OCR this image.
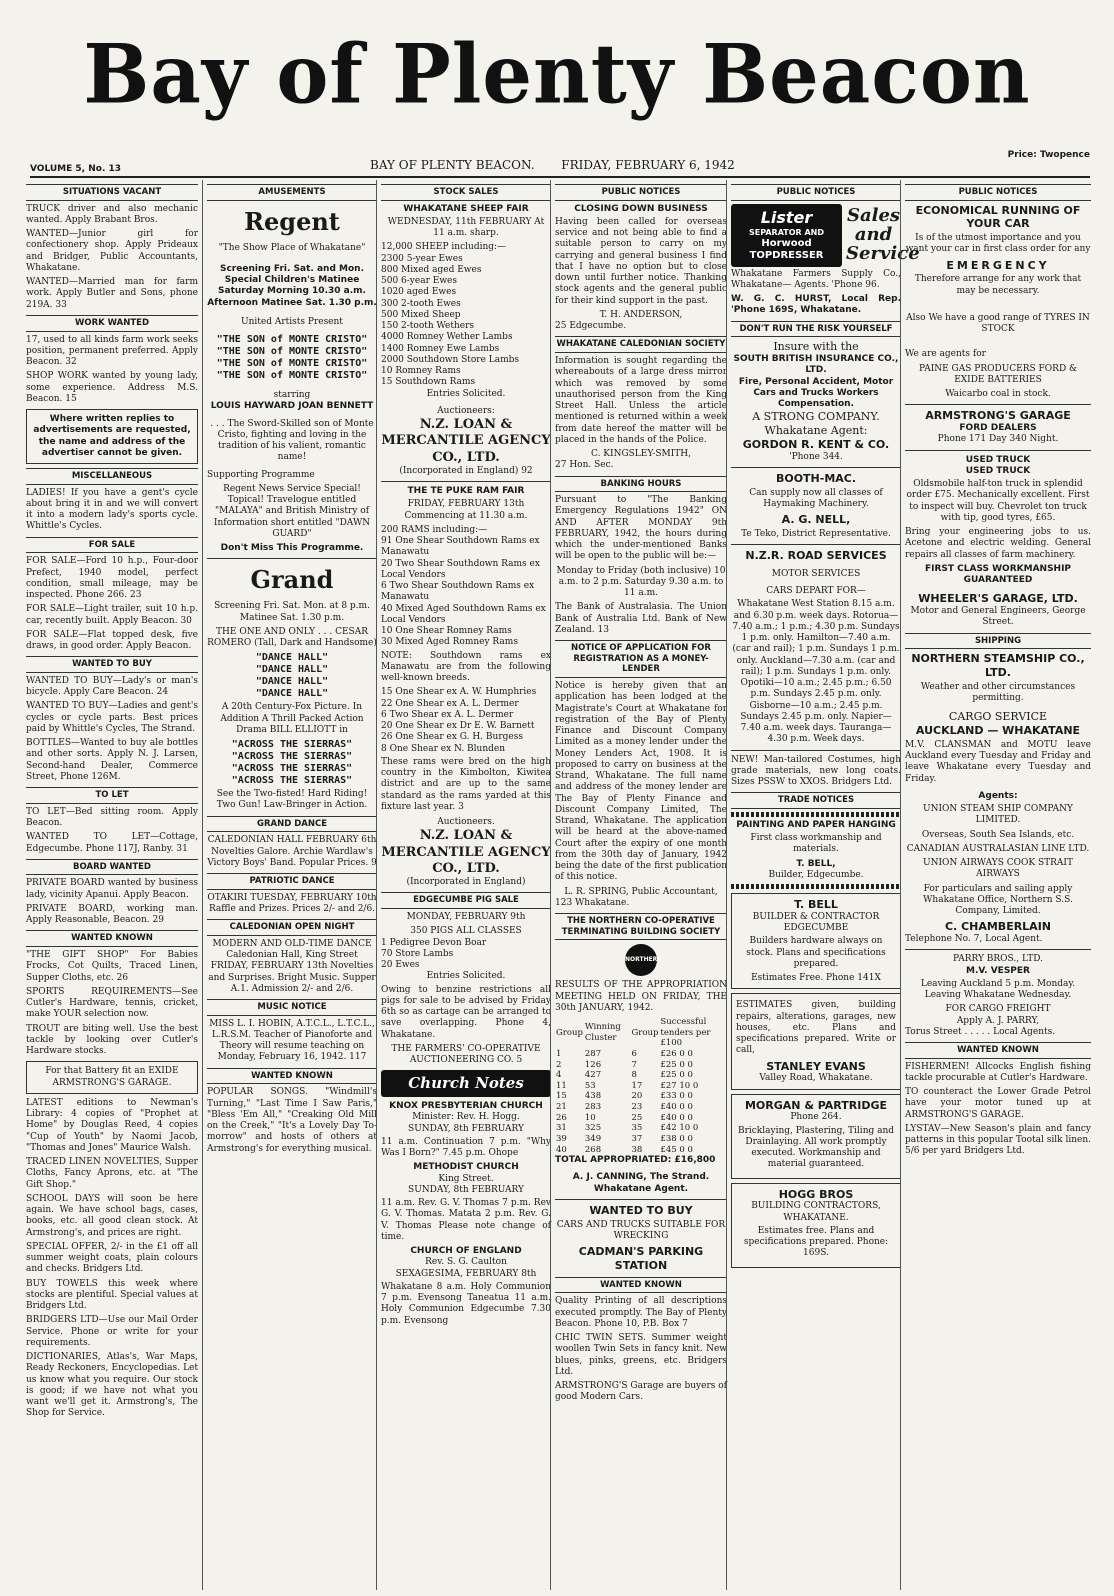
Bay of Plenty Beacon
VOLUME 5, No. 13	BAY OF PLENTY BEACON. FRIDAY, FEBRUARY 6, 1942
Price: Twopence
SITUATIONS VACANT
TRUCK driver and also mechanic wanted. Apply Brabant Bros.
WANTED—Junior girl for confectionery shop. Apply Prideaux and Bridger, Public Accountants, Whakatane.
WANTED—Married man for farm work. Apply Butler and Sons, phone 219A. 33
WORK WANTED
17, used to all kinds farm work seeks position, permanent preferred. Apply Beacon. 32
SHOP WORK wanted by young lady, some experience. Address M.S. Beacon. 15
Where written replies to advertisements are requested, the name and address of the advertiser cannot be given.
MISCELLANEOUS
LADIES! If you have a gent's cycle about bring it in and we will convert it into a modern lady's sports cycle. Whittle's Cycles.
FOR SALE
FOR SALE—Ford 10 h.p., Four-door Prefect, 1940 model, perfect condition, small mileage, may be inspected. Phone 266. 23
FOR SALE—Light trailer, suit 10 h.p. car, recently built. Apply Beacon. 30
FOR SALE—Flat topped desk, five draws, in good order. Apply Beacon.
WANTED TO BUY
WANTED TO BUY—Lady's or man's bicycle. Apply Care Beacon. 24
WANTED TO BUY—Ladies and gent's cycles or cycle parts. Best prices paid by Whittle's Cycles, The Strand.
BOTTLES—Wanted to buy ale bottles and other sorts. Apply N. J. Larsen, Second-hand Dealer, Commerce Street, Phone 126M.
TO LET
TO LET—Bed sitting room. Apply Beacon.
WANTED TO LET—Cottage, Edgecumbe. Phone 117J, Ranby. 31
BOARD WANTED
PRIVATE BOARD wanted by business lady, vicinity Apanui. Apply Beacon.
PRIVATE BOARD, working man. Apply Reasonable, Beacon. 29
WANTED KNOWN
"THE GIFT SHOP" For Babies Frocks, Cot Quilts, Traced Linen, Supper Cloths, etc. 26
SPORTS REQUIREMENTS—See Cutler's Hardware, tennis, cricket, make YOUR selection now.
TROUT are biting well. Use the best tackle by looking over Cutler's Hardware stocks.
For that Battery fit an EXIDE ARMSTRONG'S GARAGE.
LATEST editions to Newman's Library: 4 copies of "Prophet at Home" by Douglas Reed, 4 copies "Cup of Youth" by Naomi Jacob, "Thomas and Jones" Maurice Walsh.
TRACED LINEN NOVELTIES, Supper Cloths, Fancy Aprons, etc. at "The Gift Shop."
SCHOOL DAYS will soon be here again. We have school bags, cases, books, etc. all good clean stock. At Armstrong's, and prices are right.
SPECIAL OFFER, 2/- in the £1 off all summer weight coats, plain colours and checks. Bridgers Ltd.
BUY TOWELS this week where stocks are plentiful. Special values at Bridgers Ltd.
BRIDGERS LTD—Use our Mail Order Service. Phone or write for your requirements.
DICTIONARIES, Atlas's, War Maps, Ready Reckoners, Encyclopedias. Let us know what you require. Our stock is good; if we have not what you want we'll get it. Armstrong's, The Shop for Service.
AMUSEMENTS
Regent
"The Show Place of Whakatane"
Screening Fri. Sat. and Mon. Special Children's Matinee Saturday Morning 10.30 a.m. Afternoon Matinee Sat. 1.30 p.m.
United Artists Present
"THE SON of MONTE CRISTO"
"THE SON of MONTE CRISTO"
"THE SON of MONTE CRISTO"
"THE SON of MONTE CRISTO"
starring
LOUIS HAYWARD JOAN BENNETT
. . . The Sword-Skilled son of Monte Cristo, fighting and loving in the tradition of his valient, romantic name!
Supporting Programme
Regent News Service Special! Topical! Travelogue entitled "MALAYA" and British Ministry of Information short entitled "DAWN GUARD"
Don't Miss This Programme.
Grand
Screening Fri. Sat. Mon. at 8 p.m. Matinee Sat. 1.30 p.m.
THE ONE AND ONLY . . . CESAR ROMERO (Tall, Dark and Handsome)
"DANCE HALL"
"DANCE HALL"
"DANCE HALL"
"DANCE HALL"
A 20th Century-Fox Picture. In Addition A Thrill Packed Action Drama BILL ELLIOTT in
"ACROSS THE SIERRAS"
"ACROSS THE SIERRAS"
"ACROSS THE SIERRAS"
"ACROSS THE SIERRAS"
See the Two-fisted! Hard Riding! Two Gun! Law-Bringer in Action.
GRAND DANCE
CALEDONIAN HALL FEBRUARY 6th Novelties Galore. Archie Wardlaw's Victory Boys' Band. Popular Prices. 9
PATRIOTIC DANCE
OTAKIRI TUESDAY, FEBRUARY 10th Raffle and Prizes. Prices 2/- and 2/6.
CALEDONIAN OPEN NIGHT
MODERN AND OLD-TIME DANCE Caledonian Hall, King Street FRIDAY, FEBRUARY 13th Novelties and Surprises. Bright Music. Supper A.1. Admission 2/- and 2/6.
MUSIC NOTICE
MISS L. I. HOBIN, A.T.C.L., L.T.C.L., L.R.S.M. Teacher of Pianoforte and Theory will resume teaching on Monday, February 16, 1942. 117
WANTED KNOWN
POPULAR SONGS. "Windmill's Turning," "Last Time I Saw Paris," "Bless 'Em All," "Creaking Old Mill on the Creek," "It's a Lovely Day To-morrow" and hosts of others at Armstrong's for everything musical.
STOCK SALES
WHAKATANE SHEEP FAIR
WEDNESDAY, 11th FEBRUARY At 11 a.m. sharp.
12,000 SHEEP including:—
2300 5-year Ewes
800 Mixed aged Ewes
500 6-year Ewes
1020 aged Ewes
300 2-tooth Ewes
500 Mixed Sheep
150 2-tooth Wethers
4000 Romney Wether Lambs
1400 Romney Ewe Lambs
2000 Southdown Store Lambs
10 Romney Rams
15 Southdown Rams
Entries Solicited.
Auctioneers:
N.Z. LOAN & MERCANTILE AGENCY CO., LTD.
(Incorporated in England) 92
THE TE PUKE RAM FAIR
FRIDAY, FEBRUARY 13th Commencing at 11.30 a.m.
200 RAMS including:—
91 One Shear Southdown Rams ex Manawatu
20 Two Shear Southdown Rams ex Local Vendors
6 Two Shear Southdown Rams ex Manawatu
40 Mixed Aged Southdown Rams ex Local Vendors
10 One Shear Romney Rams
30 Mixed Aged Romney Rams
NOTE: Southdown rams ex Manawatu are from the following well-known breeds.
15 One Shear ex A. W. Humphries
22 One Shear ex A. L. Dermer
6 Two Shear ex A. L. Dermer
20 One Shear ex Dr E. W. Barnett
26 One Shear ex G. H. Burgess
8 One Shear ex N. Blunden
These rams were bred on the high country in the Kimbolton, Kiwitea district and are up to the same standard as the rams yarded at this fixture last year. 3
Auctioneers.
N.Z. LOAN & MERCANTILE AGENCY CO., LTD.
(Incorporated in England)
EDGECUMBE PIG SALE
MONDAY, FEBRUARY 9th
350 PIGS ALL CLASSES
1 Pedigree Devon Boar
70 Store Lambs
20 Ewes
Entries Solicited.
Owing to benzine restrictions all pigs for sale to be advised by Friday 6th so as cartage can be arranged to save overlapping. Phone 4, Whakatane.
THE FARMERS' CO-OPERATIVE AUCTIONEERING CO. 5
Church Notes
KNOX PRESBYTERIAN CHURCH
Minister: Rev. H. Hogg.
SUNDAY, 8th FEBRUARY
11 a.m. Continuation 7 p.m. "Why Was I Born?" 7.45 p.m. Ohope
METHODIST CHURCH
King Street.
SUNDAY, 8th FEBRUARY
11 a.m. Rev. G. V. Thomas 7 p.m. Rev G. V. Thomas. Matata 2 p.m. Rev. G. V. Thomas Please note change of time.
CHURCH OF ENGLAND
Rev. S. G. Caulton
SEXAGESIMA, FEBRUARY 8th
Whakatane 8 a.m. Holy Communion 7 p.m. Evensong Taneatua 11 a.m. Holy Communion Edgecumbe 7.30 p.m. Evensong
PUBLIC NOTICES
CLOSING DOWN BUSINESS
Having been called for overseas service and not being able to find a suitable person to carry on my carrying and general business I find that I have no option but to close down until further notice. Thanking stock agents and the general public for their kind support in the past.
T. H. ANDERSON,
25 Edgecumbe.
WHAKATANE CALEDONIAN SOCIETY
Information is sought regarding the whereabouts of a large dress mirror which was removed by some unauthorised person from the King Street Hall. Unless the article mentioned is returned within a week from date hereof the matter will be placed in the hands of the Police.
C. KINGSLEY-SMITH,
27 Hon. Sec.
BANKING HOURS
Pursuant to "The Banking Emergency Regulations 1942" ON AND AFTER MONDAY 9th FEBRUARY, 1942, the hours during which the under-mentioned Banks will be open to the public will be:—
Monday to Friday (both inclusive) 10 a.m. to 2 p.m. Saturday 9.30 a.m. to 11 a.m.
The Bank of Australasia. The Union Bank of Australia Ltd. Bank of New Zealand. 13
NOTICE OF APPLICATION FOR REGISTRATION AS A MONEY-LENDER
Notice is hereby given that an application has been lodged at the Magistrate's Court at Whakatane for registration of the Bay of Plenty Finance and Discount Company Limited as a money lender under the Money Lenders Act, 1908. It is proposed to carry on business at the Strand, Whakatane. The full name and address of the money lender are The Bay of Plenty Finance and Discount Company Limited, The Strand, Whakatane. The application will be heard at the above-named Court after the expiry of one month from the 30th day of January, 1942 being the date of the first publication of this notice.
L. R. SPRING, Public Accountant,
123 Whakatane.
THE NORTHERN CO-OPERATIVE TERMINATING BUILDING SOCIETY
NORTHERN
RESULTS OF THE APPROPRIATION MEETING HELD ON FRIDAY, THE 30th JANUARY, 1942.
Group	Winning Cluster	Group	Successful tenders per £100
1	287	6	£26 0 0
2	126	7	£25 0 0
4	427	8	£25 0 0
11	53	17	£27 10 0
15	438	20	£33 0 0
21	283	23	£40 0 0
26	10	25	£40 0 0
31	325	35	£42 10 0
39	349	37	£38 0 0
40	268	38	£45 0 0
TOTAL APPROPRIATED: £16,800
A. J. CANNING, The Strand. Whakatane Agent.
WANTED TO BUY
CARS AND TRUCKS SUITABLE FOR WRECKING
CADMAN'S PARKING STATION
WANTED KNOWN
Quality Printing of all descriptions executed promptly. The Bay of Plenty Beacon. Phone 10, P.B. Box 7
CHIC TWIN SETS. Summer weight woollen Twin Sets in fancy knit. New blues, pinks, greens, etc. Bridgers Ltd.
ARMSTRONG'S Garage are buyers of good Modern Cars.
PUBLIC NOTICES
Lister
SEPARATOR AND
Horwood TOPDRESSER
Sales and Service
Whakatane Farmers Supply Co., Whakatane— Agents. 'Phone 96.
W. G. C. HURST, Local Rep. 'Phone 169S, Whakatane.
DON'T RUN THE RISK YOURSELF
Insure with the
SOUTH BRITISH INSURANCE CO., LTD.
Fire, Personal Accident, Motor Cars and Trucks Workers Compensation.
A STRONG COMPANY.
Whakatane Agent:
GORDON R. KENT & CO.
'Phone 344.
BOOTH-MAC.
Can supply now all classes of Haymaking Machinery.
A. G. NELL,
Te Teko, District Representative.
N.Z.R. ROAD SERVICES
MOTOR SERVICES
CARS DEPART FOR—
Whakatane West Station 8.15 a.m. and 6.30 p.m. week days. Rotorua—7.40 a.m.; 1 p.m.; 4.30 p.m. Sundays 1 p.m. only. Hamilton—7.40 a.m. (car and rail); 1 p.m. Sundays 1 p.m. only. Auckland—7.30 a.m. (car and rail); 1 p.m. Sundays 1 p.m. only. Opotiki—10 a.m.; 2.45 p.m.; 6.50 p.m. Sundays 2.45 p.m. only. Gisborne—10 a.m.; 2.45 p.m. Sundays 2.45 p.m. only. Napier—7.40 a.m. week days. Tauranga—4.30 p.m. Week days.
NEW! Man-tailored Costumes, high grade materials, new long coats. Sizes PSSW to XXOS. Bridgers Ltd.
TRADE NOTICES
PAINTING AND PAPER HANGING
First class workmanship and materials.
T. BELL,
Builder, Edgecumbe.
T. BELL
BUILDER & CONTRACTOR EDGECUMBE
Builders hardware always on stock. Plans and specifications prepared.
Estimates Free. Phone 141X
ESTIMATES given, building repairs, alterations, garages, new houses, etc. Plans and specifications prepared. Write or call,
STANLEY EVANS
Valley Road, Whakatane.
MORGAN & PARTRIDGE
Phone 264.
Bricklaying, Plastering, Tiling and Drainlaying. All work promptly executed. Workmanship and material guaranteed.
HOGG BROS
BUILDING CONTRACTORS, WHAKATANE.
Estimates free. Plans and specifications prepared. Phone: 169S.
PUBLIC NOTICES
ECONOMICAL RUNNING OF YOUR CAR
Is of the utmost importance and you want your car in first class order for any
EMERGENCY
Therefore arrange for any work that may be necessary.
Also We have a good range of TYRES IN STOCK
We are agents for
PAINE GAS PRODUCERS FORD & EXIDE BATTERIES
Waicarbo coal in stock.
ARMSTRONG'S GARAGE
FORD DEALERS
Phone 171 Day 340 Night.
USED TRUCK
USED TRUCK
Oldsmobile half-ton truck in splendid order £75. Mechanically excellent. First to inspect will buy. Chevrolet ton truck with tip, good tyres, £65.
Bring your engineering jobs to us. Acetone and electric welding. General repairs all classes of farm machinery.
FIRST CLASS WORKMANSHIP GUARANTEED
WHEELER'S GARAGE, LTD.
Motor and General Engineers, George Street.
SHIPPING
NORTHERN STEAMSHIP CO., LTD.
Weather and other circumstances permitting.
CARGO SERVICE
AUCKLAND — WHAKATANE
M.V. CLANSMAN and MOTU leave Auckland every Tuesday and Friday and leave Whakatane every Tuesday and Friday.
Agents:
UNION STEAM SHIP COMPANY LIMITED.
Overseas, South Sea Islands, etc.
CANADIAN AUSTRALASIAN LINE LTD.
UNION AIRWAYS COOK STRAIT AIRWAYS
For particulars and sailing apply Whakatane Office, Northern S.S. Company, Limited.
C. CHAMBERLAIN
Telephone No. 7, Local Agent.
PARRY BROS., LTD.
M.V. VESPER
Leaving Auckland 5 p.m. Monday. Leaving Whakatane Wednesday.
FOR CARGO FREIGHT
Apply A. J. PARRY,
Torus Street . . . . . Local Agents.
WANTED KNOWN
FISHERMEN! Allcocks English fishing tackle procurable at Cutler's Hardware.
TO counteract the Lower Grade Petrol have your motor tuned up at ARMSTRONG'S GARAGE.
LYSTAV—New Season's plain and fancy patterns in this popular Tootal silk linen. 5/6 per yard Bridgers Ltd.
